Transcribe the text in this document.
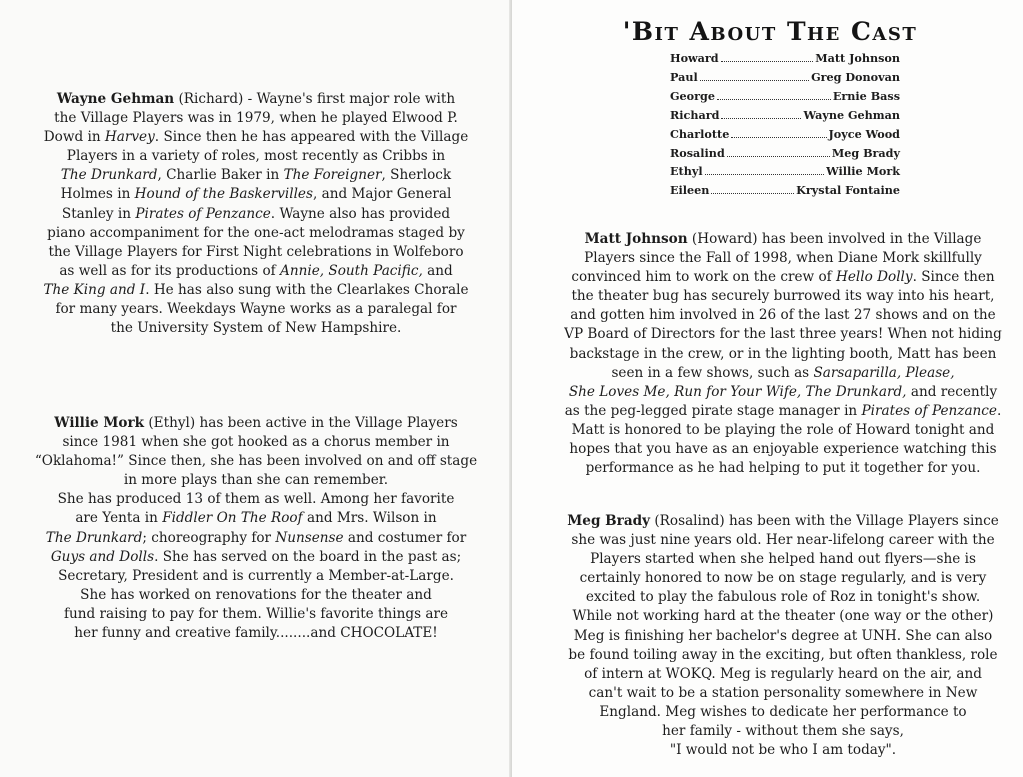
Wayne Gehman (Richard) - Wayne's first major role with
the Village Players was in 1979, when he played Elwood P.
Dowd in Harvey. Since then he has appeared with the Village
Players in a variety of roles, most recently as Cribbs in
The Drunkard, Charlie Baker in The Foreigner, Sherlock
Holmes in Hound of the Baskervilles, and Major General
Stanley in Pirates of Penzance. Wayne also has provided
piano accompaniment for the one-act melodramas staged by
the Village Players for First Night celebrations in Wolfeboro
as well as for its productions of Annie, South Pacific, and
The King and I. He has also sung with the Clearlakes Chorale
for many years. Weekdays Wayne works as a paralegal for
the University System of New Hampshire.

Willie Mork (Ethyl) has been active in the Village Players
since 1981 when she got hooked as a chorus member in
“Oklahoma!” Since then, she has been involved on and off stage
in more plays than she can remember.
She has produced 13 of them as well. Among her favorite
are Yenta in Fiddler On The Roof and Mrs. Wilson in
The Drunkard; choreography for Nunsense and costumer for
Guys and Dolls. She has served on the board in the past as;
Secretary, President and is currently a Member-at-Large.
She has worked on renovations for the theater and
fund raising to pay for them. Willie's favorite things are
her funny and creative family........and CHOCOLATE!

'Bit About The Cast
Howard	Matt Johnson
Paul	Greg Donovan
George	Ernie Bass
Richard	Wayne Gehman
Charlotte	Joyce Wood
Rosalind	Meg Brady
Ethyl	Willie Mork
Eileen	Krystal Fontaine

Matt Johnson (Howard) has been involved in the Village
Players since the Fall of 1998, when Diane Mork skillfully
convinced him to work on the crew of Hello Dolly. Since then
the theater bug has securely burrowed its way into his heart,
and gotten him involved in 26 of the last 27 shows and on the
VP Board of Directors for the last three years! When not hiding
backstage in the crew, or in the lighting booth, Matt has been
seen in a few shows, such as Sarsaparilla, Please,
She Loves Me, Run for Your Wife, The Drunkard, and recently
as the peg-legged pirate stage manager in Pirates of Penzance.
Matt is honored to be playing the role of Howard tonight and
hopes that you have as an enjoyable experience watching this
performance as he had helping to put it together for you.

Meg Brady (Rosalind) has been with the Village Players since
she was just nine years old. Her near-lifelong career with the
Players started when she helped hand out flyers—she is
certainly honored to now be on stage regularly, and is very
excited to play the fabulous role of Roz in tonight's show.
While not working hard at the theater (one way or the other)
Meg is finishing her bachelor's degree at UNH. She can also
be found toiling away in the exciting, but often thankless, role
of intern at WOKQ. Meg is regularly heard on the air, and
can't wait to be a station personality somewhere in New
England. Meg wishes to dedicate her performance to
her family - without them she says,
"I would not be who I am today".
